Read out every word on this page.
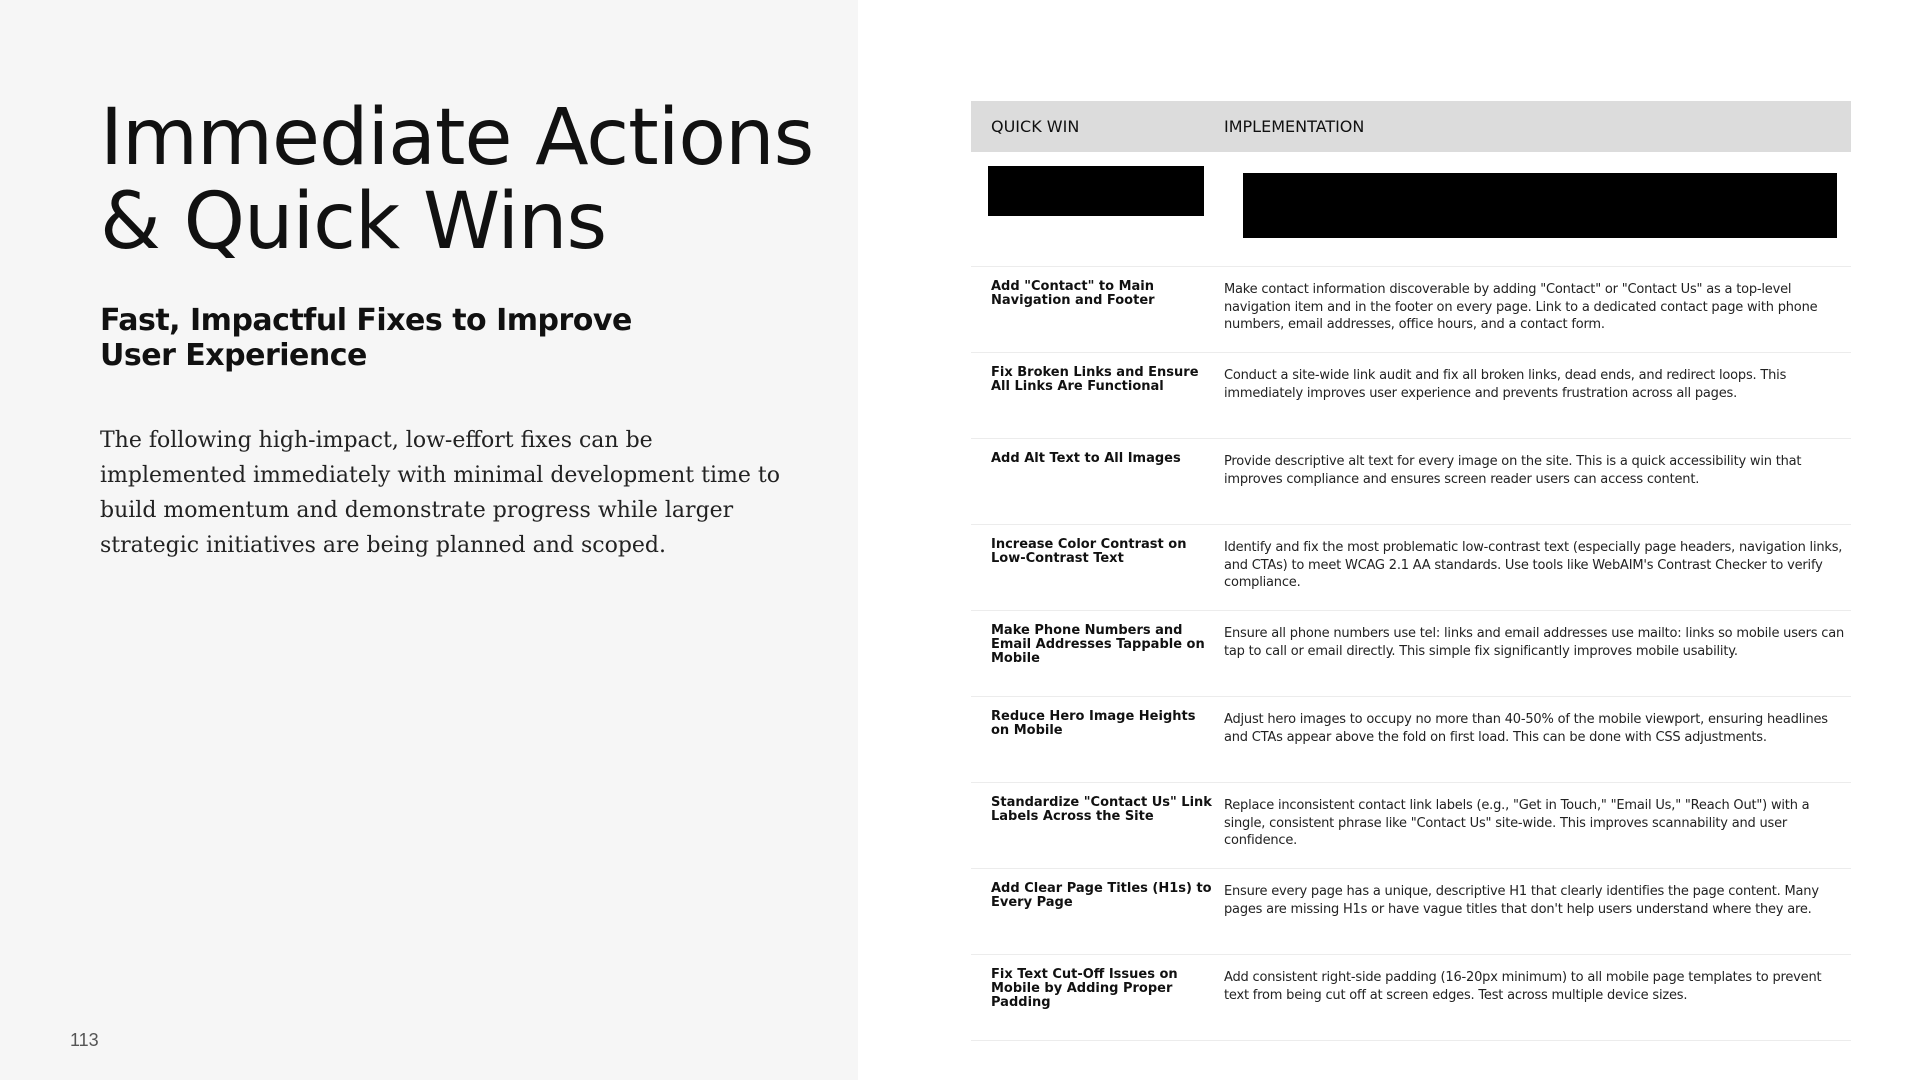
Immediate Actions & Quick Wins
Fast, Impactful Fixes to Improve User Experience

The following high-impact, low-effort fixes can be implemented immediately with minimal development time to build momentum and demonstrate progress while larger strategic initiatives are being planned and scoped.

113
QUICK WIN	IMPLEMENTATION
Add "Contact" to Main Navigation and Footer
Make contact information discoverable by adding "Contact" or "Contact Us" as a top-level navigation item and in the footer on every page. Link to a dedicated contact page with phone numbers, email addresses, office hours, and a contact form.
Fix Broken Links and Ensure All Links Are Functional
Conduct a site-wide link audit and fix all broken links, dead ends, and redirect loops. This immediately improves user experience and prevents frustration across all pages.
Add Alt Text to All Images	Provide descriptive alt text for every image on the site. This is a quick accessibility win that improves compliance and ensures screen reader users can access content.
Increase Color Contrast on Low-Contrast Text
Identify and fix the most problematic low-contrast text (especially page headers, navigation links, and CTAs) to meet WCAG 2.1 AA standards. Use tools like WebAIM's Contrast Checker to verify compliance.
Make Phone Numbers and Email Addresses Tappable on Mobile
Ensure all phone numbers use tel: links and email addresses use mailto: links so mobile users can tap to call or email directly. This simple fix significantly improves mobile usability.
Reduce Hero Image Heights on Mobile
Adjust hero images to occupy no more than 40-50% of the mobile viewport, ensuring headlines and CTAs appear above the fold on first load. This can be done with CSS adjustments.
Standardize "Contact Us" Link Labels Across the Site
Replace inconsistent contact link labels (e.g., "Get in Touch," "Email Us," "Reach Out") with a single, consistent phrase like "Contact Us" site-wide. This improves scannability and user confidence.
Add Clear Page Titles (H1s) to Every Page
Ensure every page has a unique, descriptive H1 that clearly identifies the page content. Many pages are missing H1s or have vague titles that don't help users understand where they are.
Fix Text Cut-Off Issues on Mobile by Adding Proper Padding
Add consistent right-side padding (16-20px minimum) to all mobile page templates to prevent text from being cut off at screen edges. Test across multiple device sizes.
